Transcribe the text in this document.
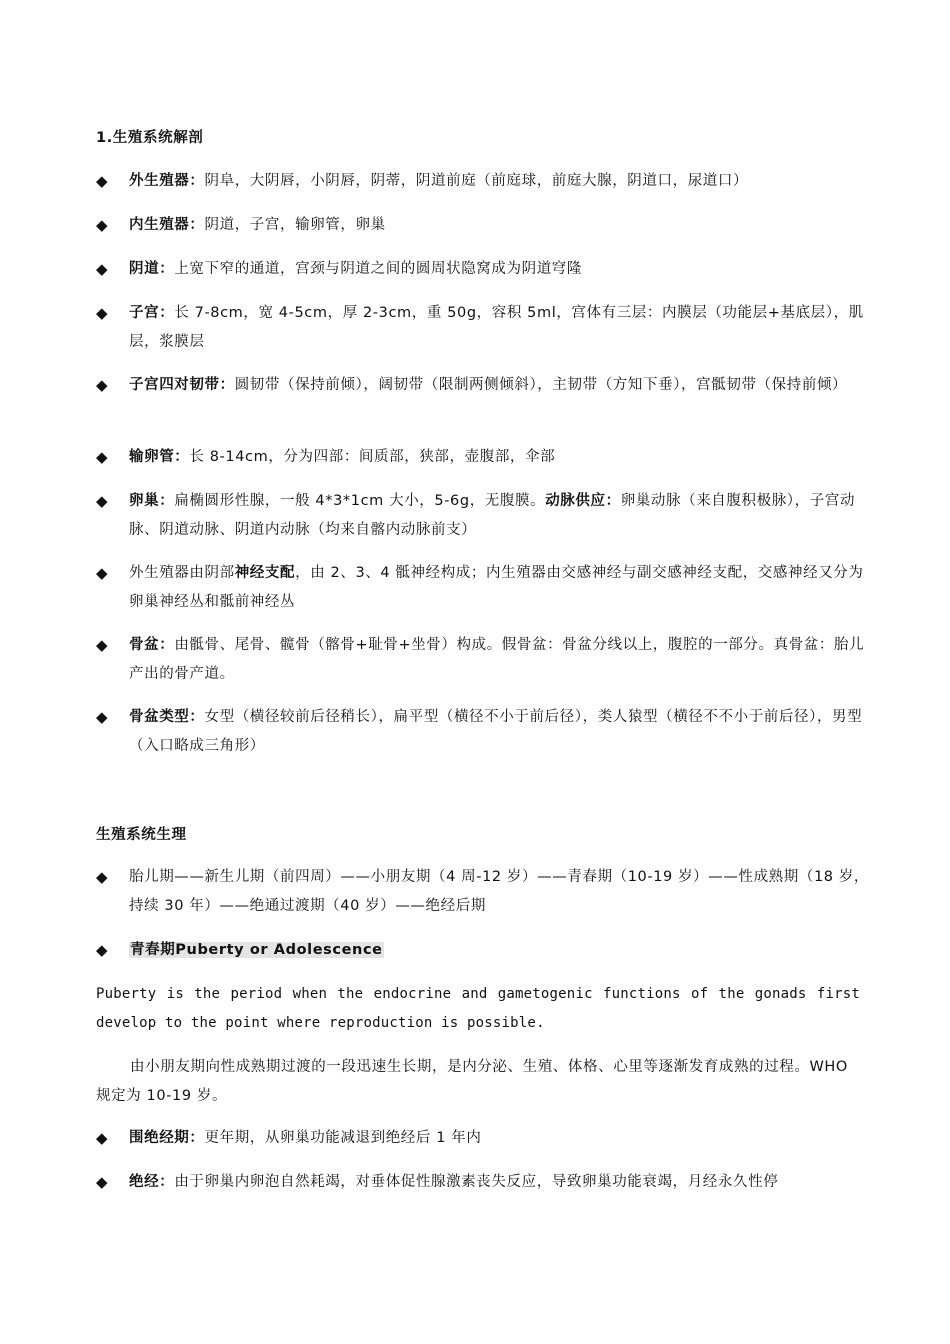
1.生殖系统解剖
◆	外生殖器：阴阜，大阴唇，小阴唇，阴蒂，阴道前庭（前庭球，前庭大腺，阴道口，尿道口）
◆	内生殖器：阴道，子宫，输卵管，卵巢
◆	阴道：上宽下窄的通道，宫颈与阴道之间的圆周状隐窝成为阴道穹隆
◆	子宫：长 7-8cm，宽 4-5cm，厚 2-3cm，重 50g，容积 5ml，宫体有三层：内膜层（功能层+基底层），肌层，浆膜层
◆	子宫四对韧带：圆韧带（保持前倾），阔韧带（限制两侧倾斜），主韧带（方知下垂），宫骶韧带（保持前倾）
◆	输卵管：长 8-14cm，分为四部：间质部，狭部，壶腹部，伞部
◆	卵巢：扁椭圆形性腺，一般 4*3*1cm 大小，5-6g，无腹膜。动脉供应：卵巢动脉（来自腹积极脉），子宫动脉、阴道动脉、阴道内动脉（均来自髂内动脉前支）
◆	外生殖器由阴部神经支配，由 2、3、4 骶神经构成；内生殖器由交感神经与副交感神经支配，交感神经又分为卵巢神经丛和骶前神经丛
◆	骨盆：由骶骨、尾骨、髋骨（髂骨+耻骨+坐骨）构成。假骨盆：骨盆分线以上，腹腔的一部分。真骨盆：胎儿产出的骨产道。
◆	骨盆类型：女型（横径较前后径稍长），扁平型（横径不小于前后径），类人猿型（横径不不小于前后径），男型（入口略成三角形）
生殖系统生理
◆	胎儿期——新生儿期（前四周）——小朋友期（4 周-12 岁）——青春期（10-19 岁）——性成熟期（18 岁，持续 30 年）——绝通过渡期（40 岁）——绝经后期
◆	青春期Puberty or Adolescence
Puberty is the period when the endocrine and gametogenic functions of the gonads first develop to the point where reproduction is possible.
由小朋友期向性成熟期过渡的一段迅速生长期，是内分泌、生殖、体格、心里等逐渐发育成熟的过程。WHO 规定为 10-19 岁。
◆	围绝经期：更年期，从卵巢功能减退到绝经后 1 年内
◆	绝经：由于卵巢内卵泡自然耗竭，对垂体促性腺激素丧失反应，导致卵巢功能衰竭，月经永久性停
